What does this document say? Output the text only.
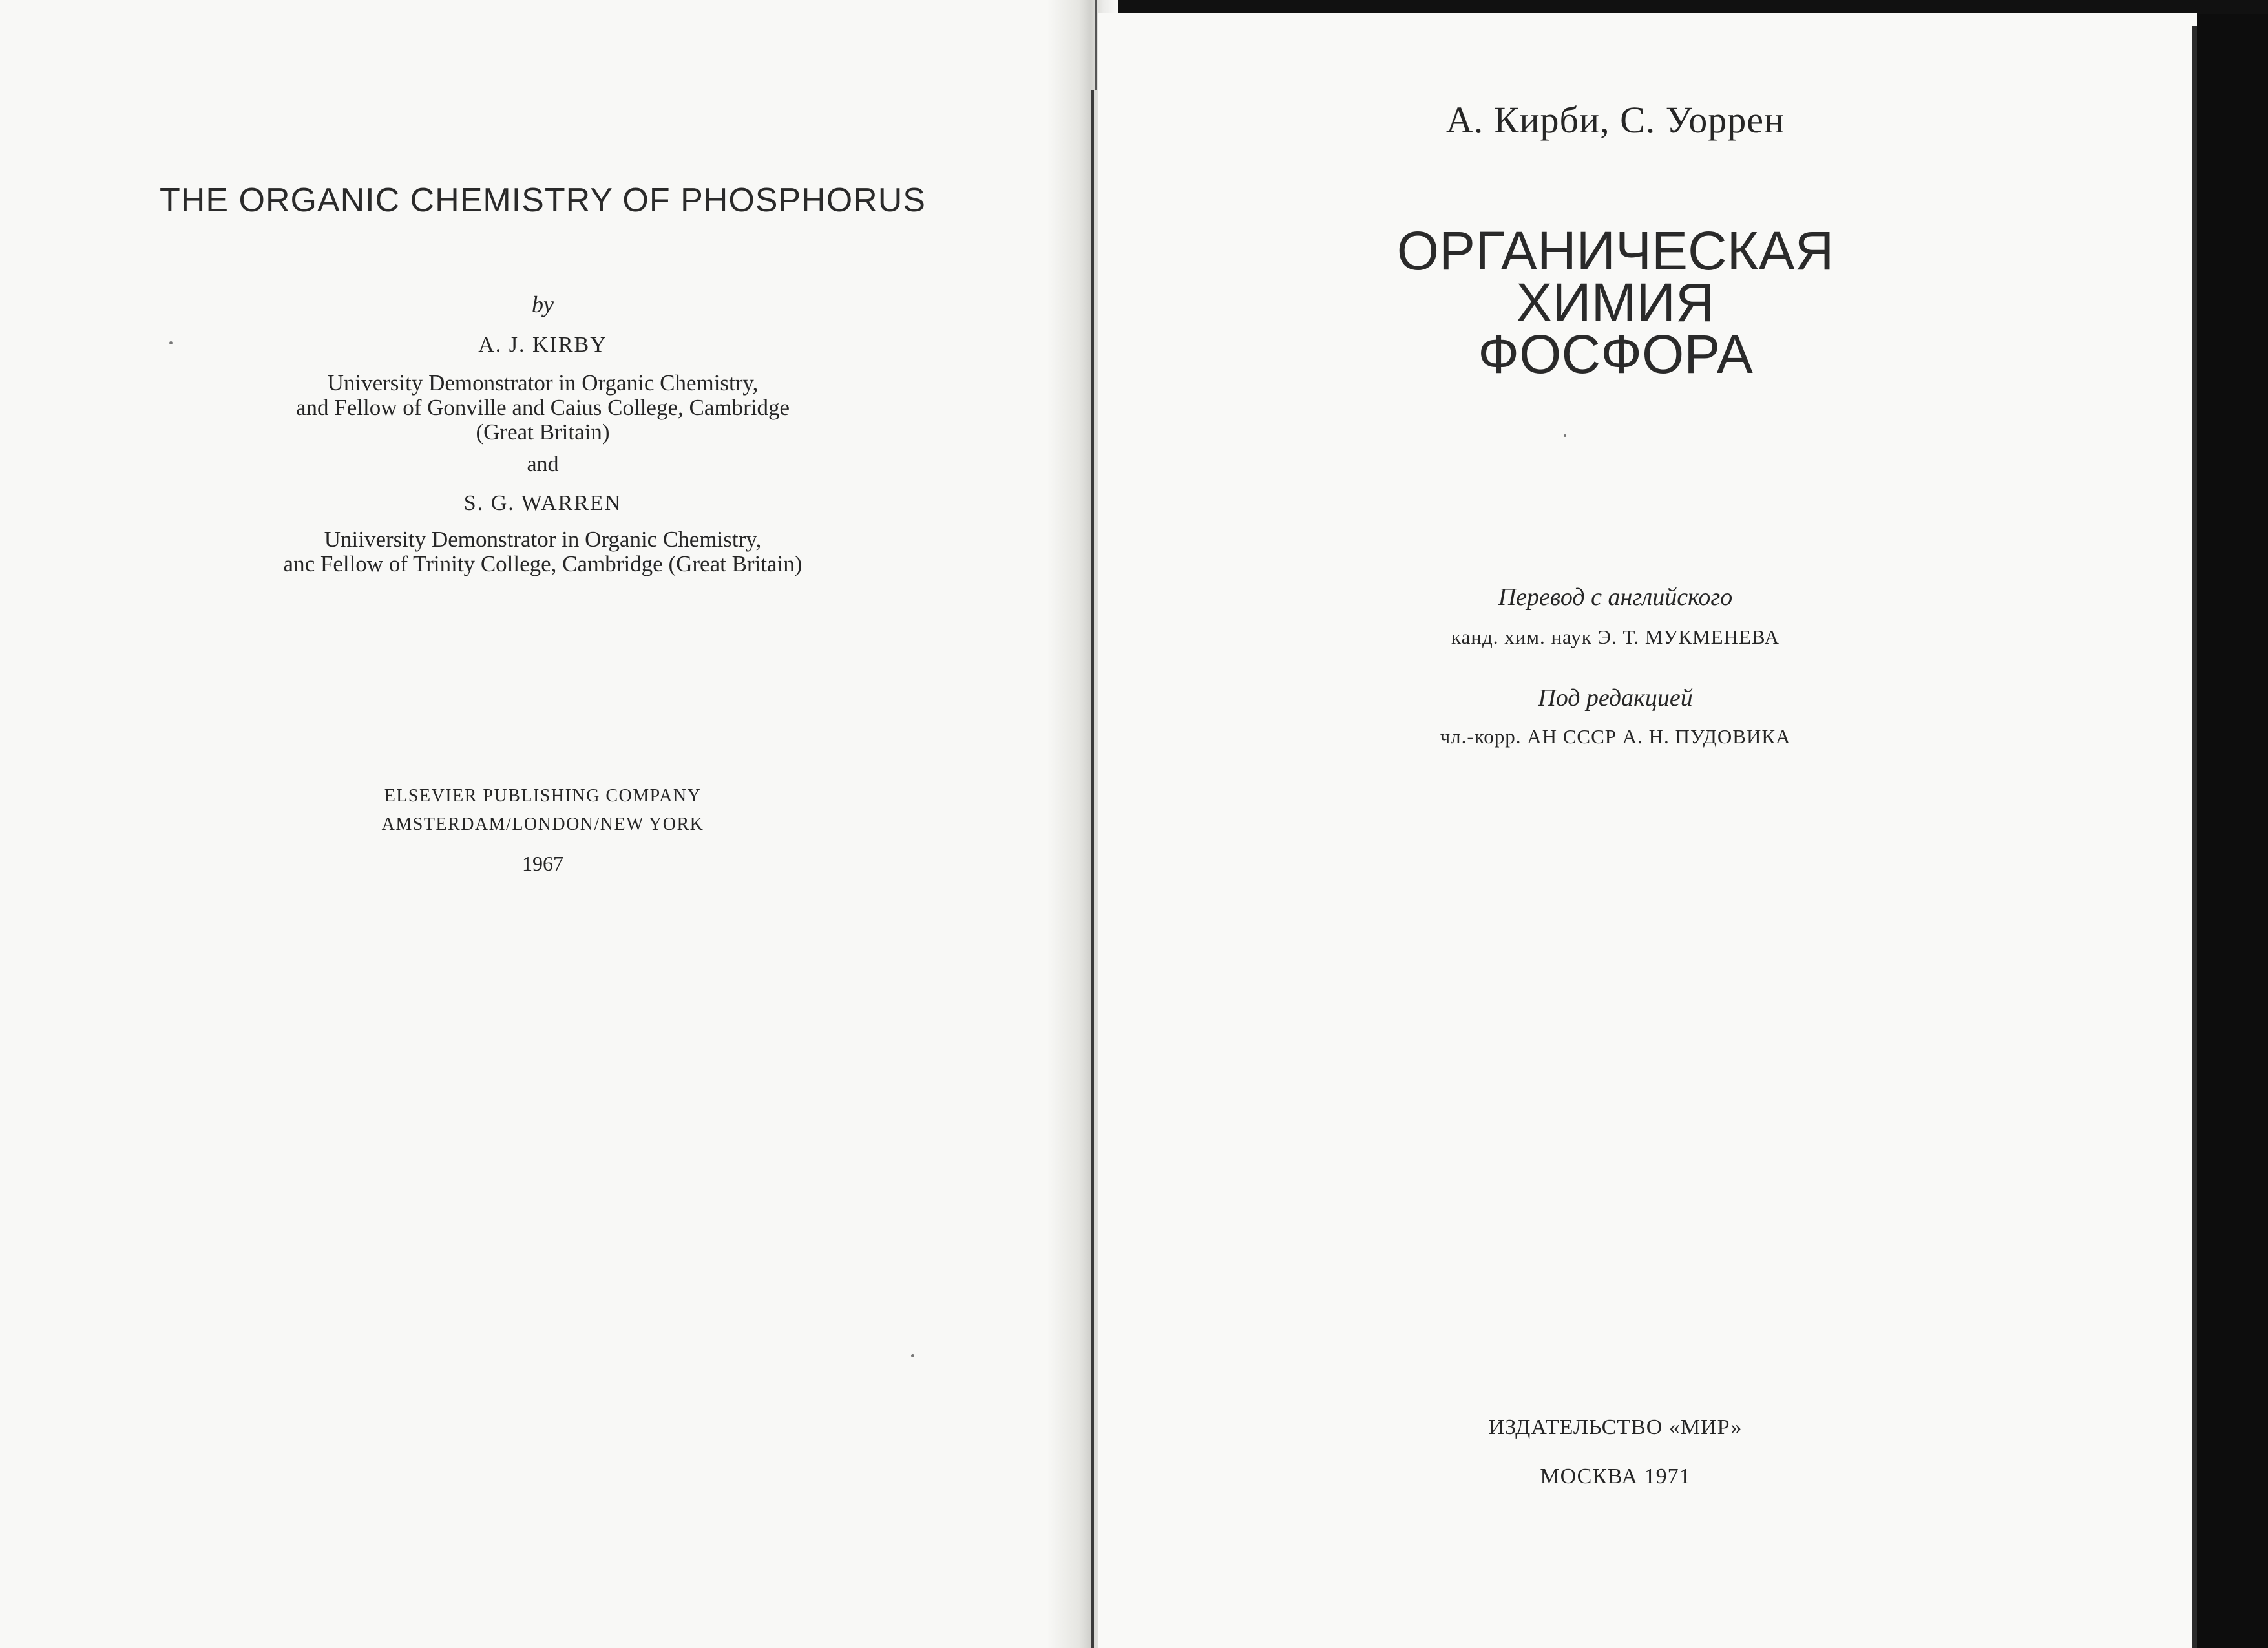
THE ORGANIC CHEMISTRY OF PHOSPHORUS
by
A. J. KIRBY
University Demonstrator in Organic Chemistry,
and Fellow of Gonville and Caius College, Cambridge
(Great Britain)
and
S. G. WARREN
Uniiversity Demonstrator in Organic Chemistry,
anc Fellow of Trinity College, Cambridge (Great Britain)
ELSEVIER PUBLISHING COMPANY
AMSTERDAM/LONDON/NEW YORK
1967
А. Кирби, С. Уоррен
ОРГАНИЧЕСКАЯ
ХИМИЯ
ФОСФОРА
Перевод с английского
канд. хим. наук Э. Т. МУКМЕНЕВА
Под редакцией
чл.-корр. АН СССР А. Н. ПУДОВИКА
ИЗДАТЕЛЬСТВО «МИР»
МОСКВА 1971
